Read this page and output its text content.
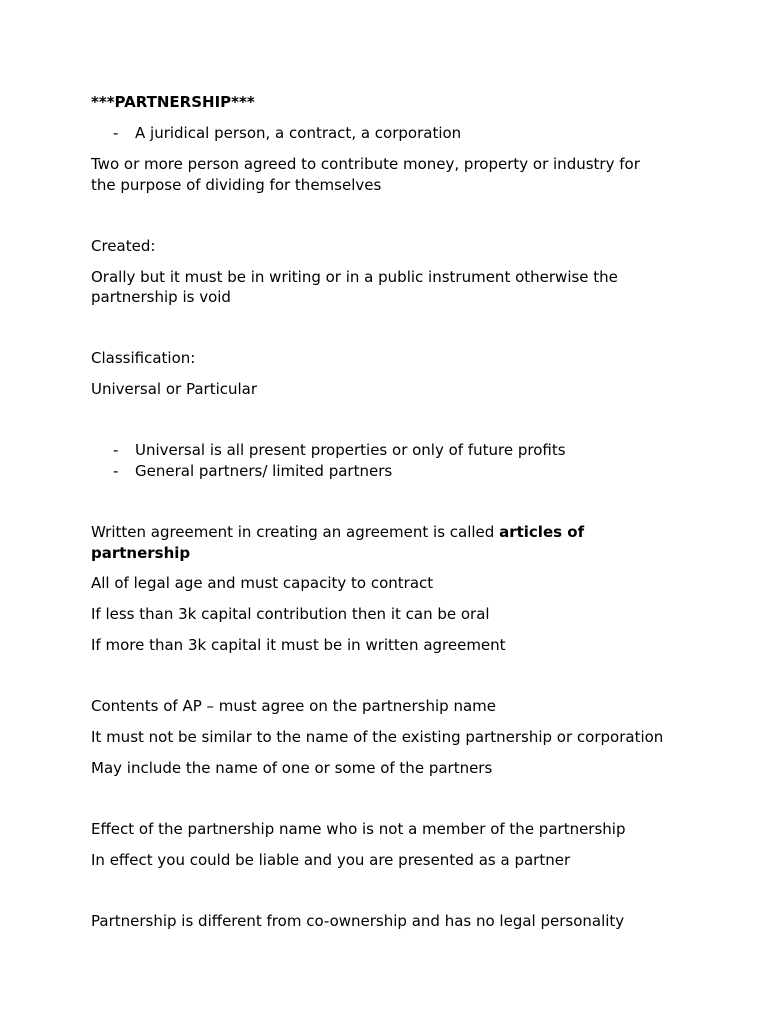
***PARTNERSHIP***

- A juridical person, a contract, a corporation

Two or more person agreed to contribute money, property or industry for

the purpose of dividing for themselves

Created:

Orally but it must be in writing or in a public instrument otherwise the

partnership is void

Classification:

Universal or Particular

- Universal is all present properties or only of future profits

- General partners/ limited partners

Written agreement in creating an agreement is called articles of

partnership

All of legal age and must capacity to contract

If less than 3k capital contribution then it can be oral

If more than 3k capital it must be in written agreement

Contents of AP – must agree on the partnership name

It must not be similar to the name of the existing partnership or corporation

May include the name of one or some of the partners

Effect of the partnership name who is not a member of the partnership

In effect you could be liable and you are presented as a partner

Partnership is different from co-ownership and has no legal personality
